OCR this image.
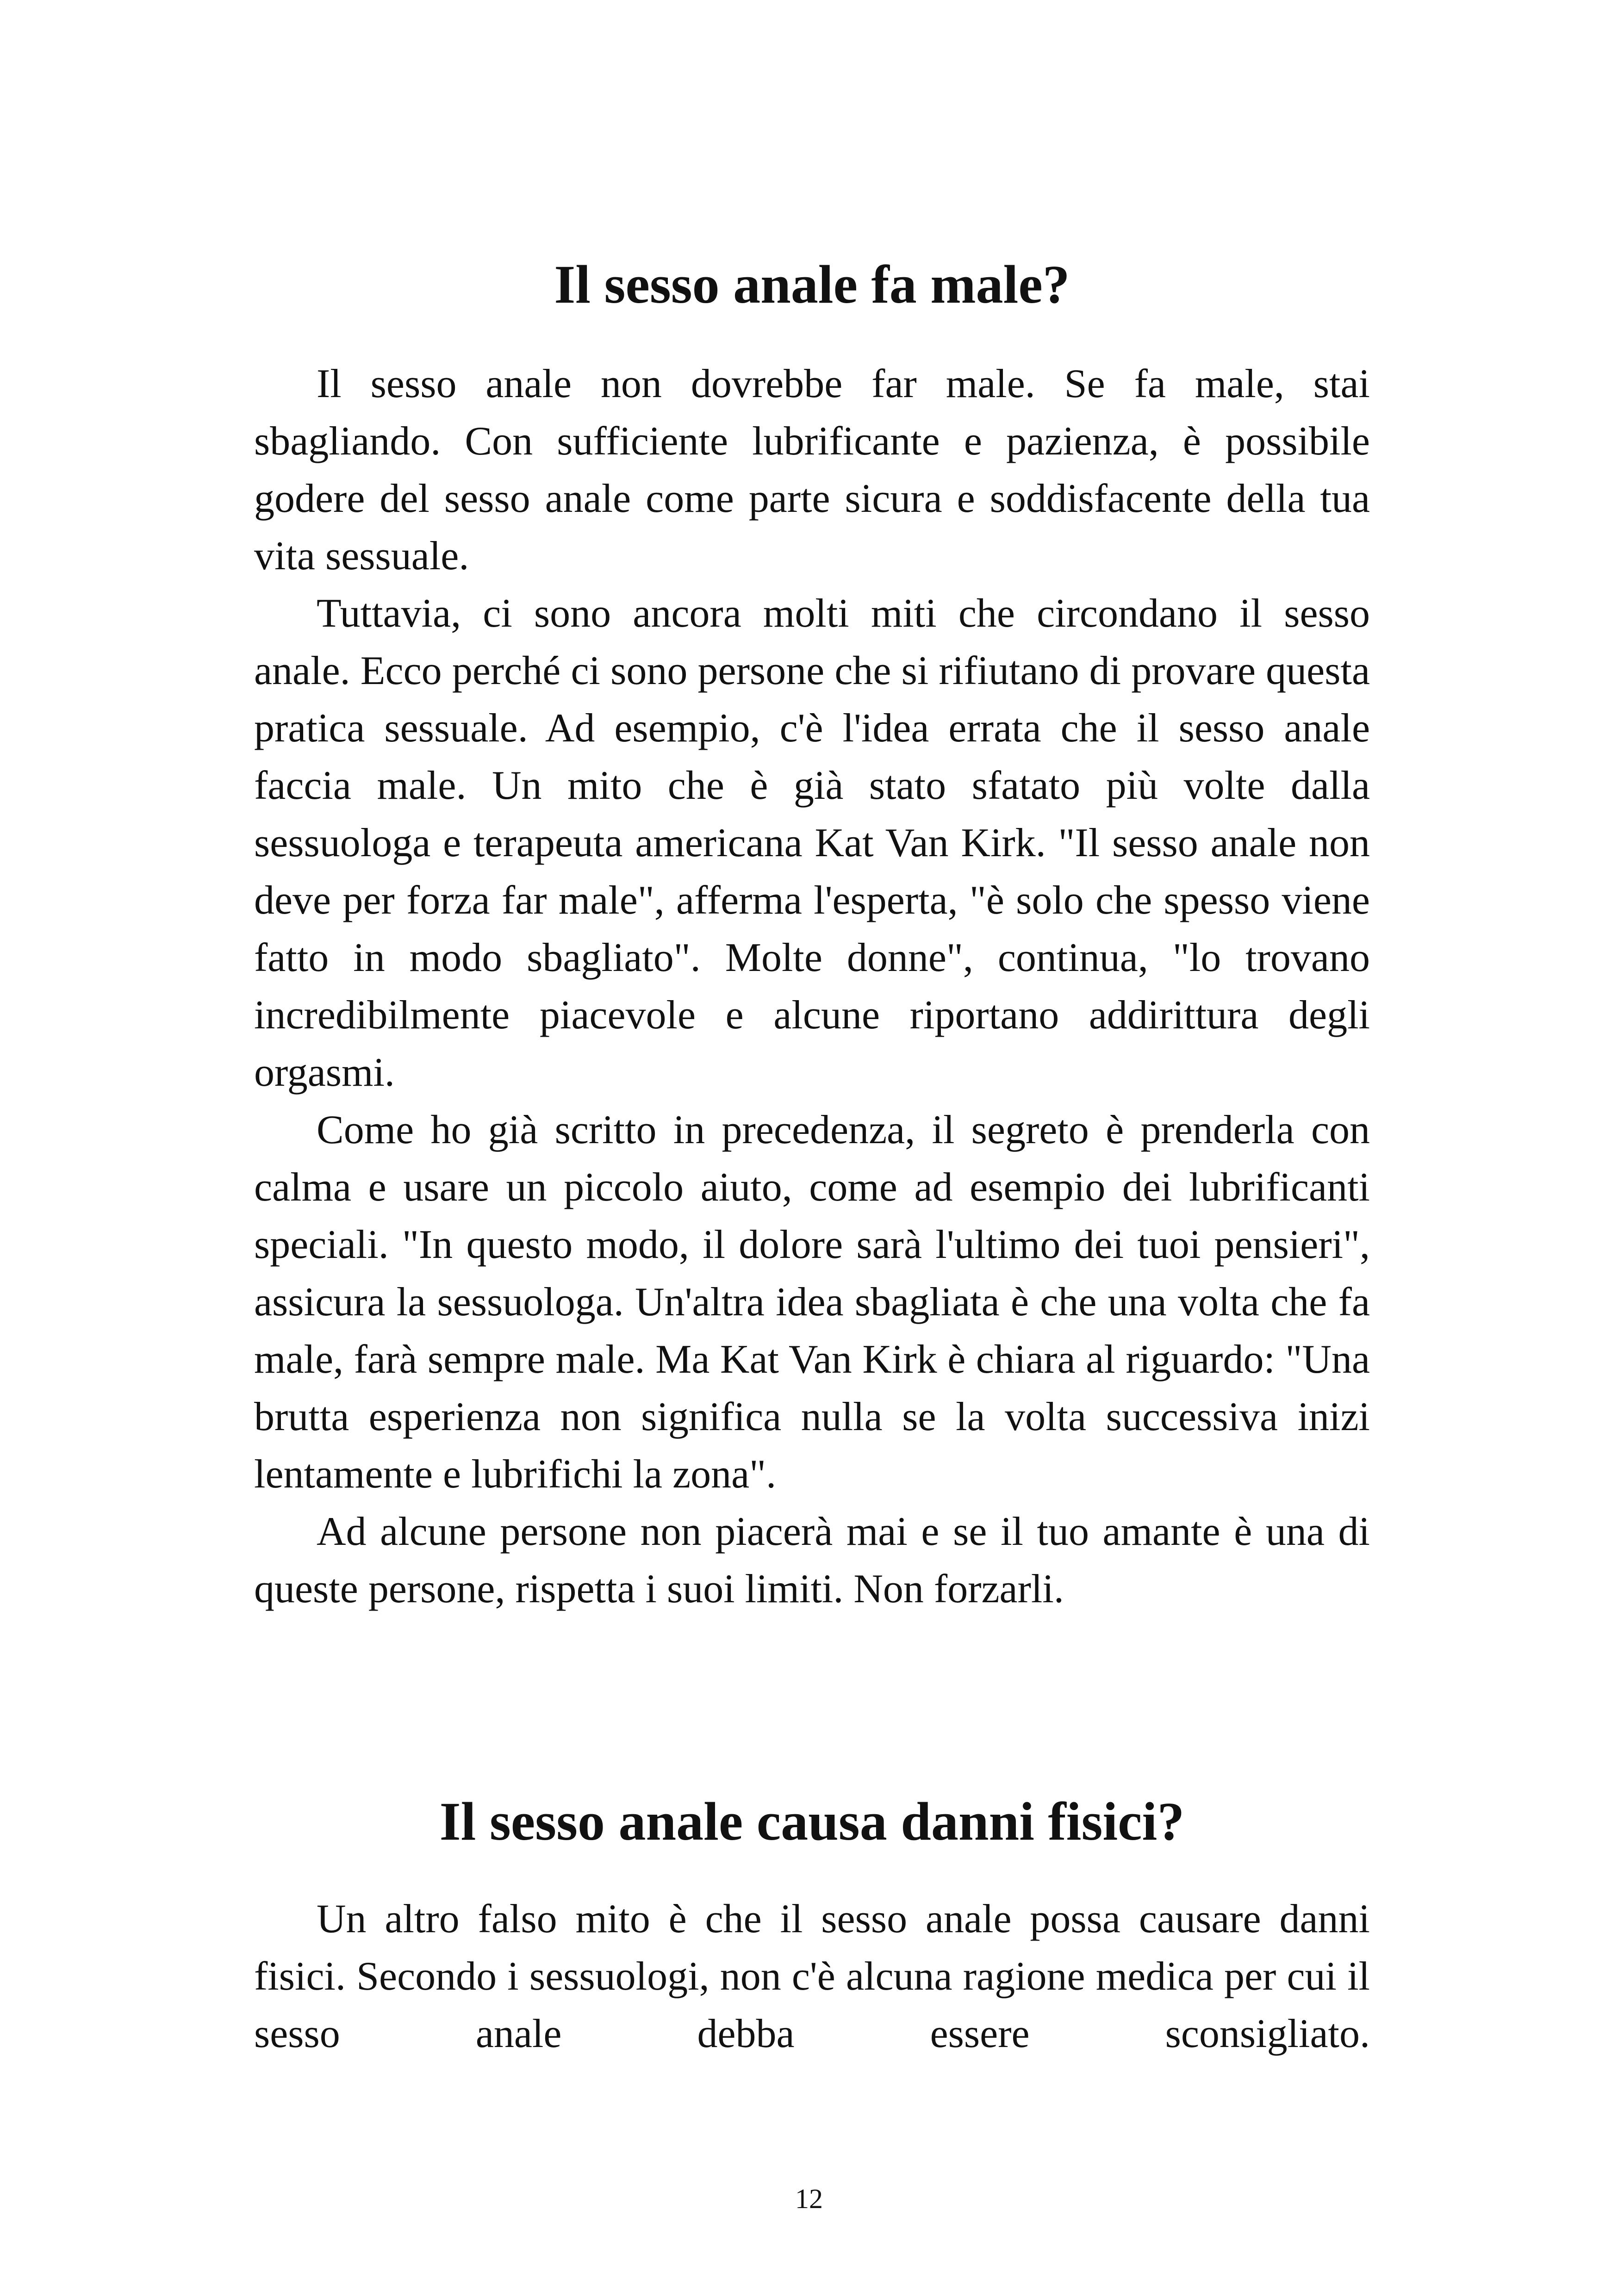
Il sesso anale fa male?

Il sesso anale non dovrebbe far male. Se fa male, stai sbagliando. Con sufficiente lubrificante e pazienza, è possibile godere del sesso anale come parte sicura e soddisfacente della tua vita sessuale.

Tuttavia, ci sono ancora molti miti che circondano il sesso anale. Ecco perché ci sono persone che si rifiutano di provare questa pratica sessuale. Ad esempio, c'è l'idea errata che il sesso anale faccia male. Un mito che è già stato sfatato più volte dalla sessuologa e terapeuta americana Kat Van Kirk. "Il sesso anale non deve per forza far male", afferma l'esperta, "è solo che spesso viene fatto in modo sbagliato". Molte donne", continua, "lo trovano incredibilmente piacevole e alcune riportano addirittura degli orgasmi.

Come ho già scritto in precedenza, il segreto è prenderla con calma e usare un piccolo aiuto, come ad esempio dei lubrificanti speciali. "In questo modo, il dolore sarà l'ultimo dei tuoi pensieri", assicura la sessuologa. Un'altra idea sbagliata è che una volta che fa male, farà sempre male. Ma Kat Van Kirk è chiara al riguardo: "Una brutta esperienza non significa nulla se la volta successiva inizi lentamente e lubrifichi la zona".

Ad alcune persone non piacerà mai e se il tuo amante è una di queste persone, rispetta i suoi limiti. Non forzarli.

Il sesso anale causa danni fisici?

Un altro falso mito è che il sesso anale possa causare danni fisici. Secondo i sessuologi, non c'è alcuna ragione medica per cui il sesso anale debba essere sconsigliato.

12
